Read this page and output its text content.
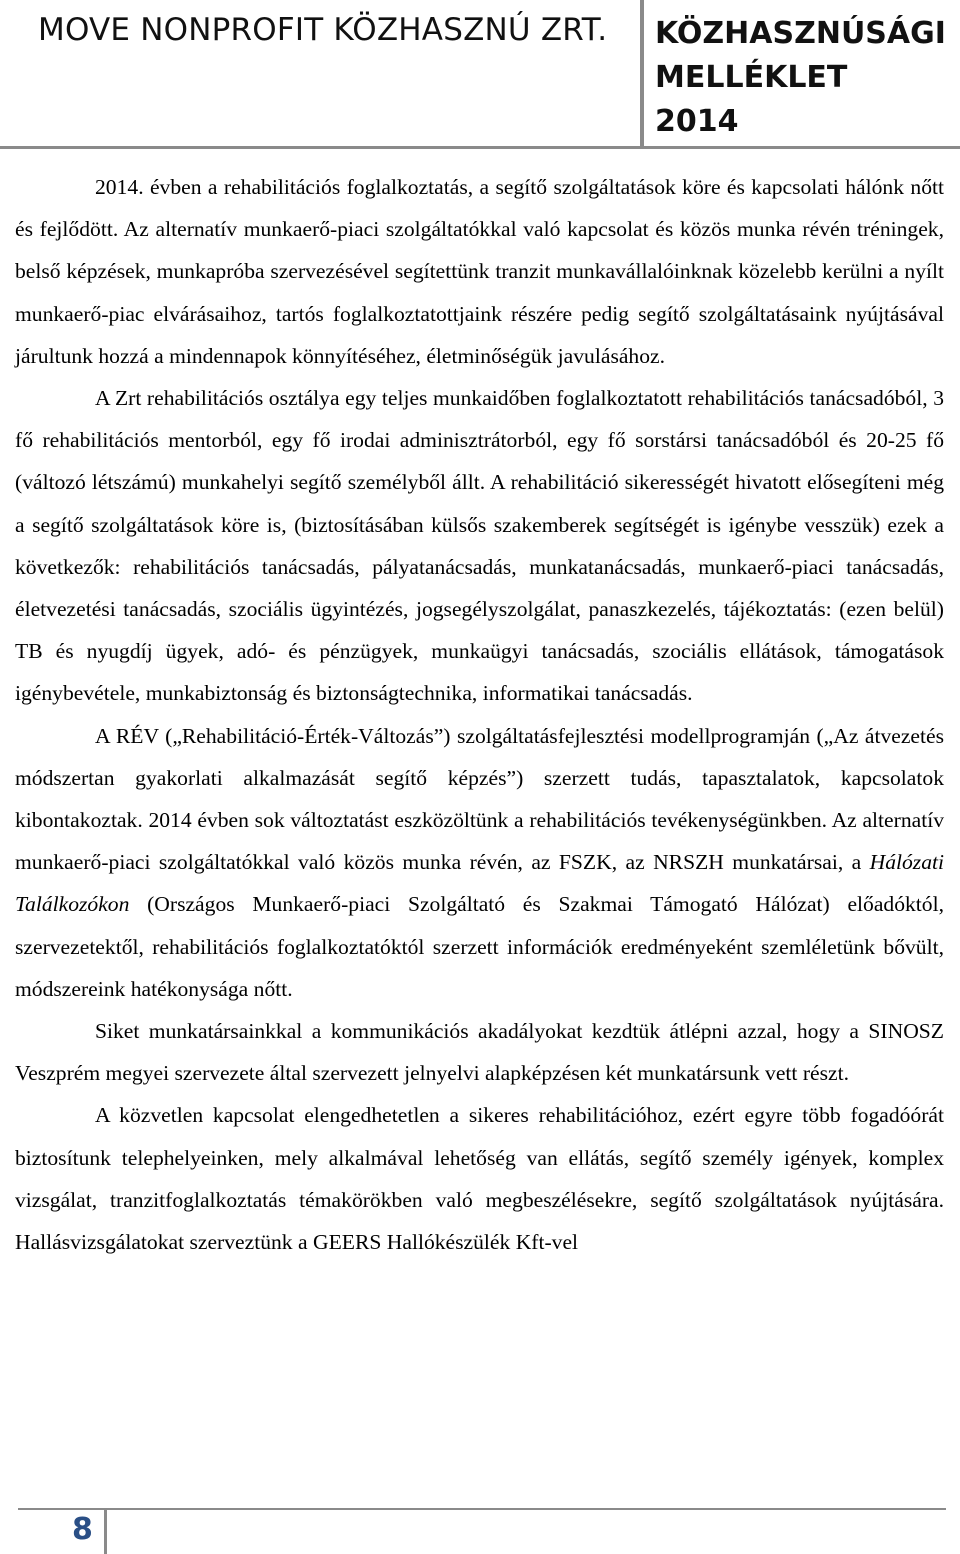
MOVE NONPROFIT KÖZHASZNÚ ZRT. KÖZHASZNÚSÁGI
MELLÉKLET
2014

2014. évben a rehabilitációs foglalkoztatás, a segítő szolgáltatások köre és kapcsolati hálónk nőtt és fejlődött. Az alternatív munkaerő-piaci szolgáltatókkal való kapcsolat és közös munka révén tréningek, belső képzések, munkapróba szervezésével segítettünk tranzit munkavállalóinknak közelebb kerülni a nyílt munkaerő-piac elvárásaihoz, tartós foglalkoztatottjaink részére pedig segítő szolgáltatásaink nyújtásával járultunk hozzá a mindennapok könnyítéséhez, életminőségük javulásához.

A Zrt rehabilitációs osztálya egy teljes munkaidőben foglalkoztatott rehabilitációs tanácsadóból, 3 fő rehabilitációs mentorból, egy fő irodai adminisztrátorból, egy fő sorstársi tanácsadóból és 20-25 fő (változó létszámú) munkahelyi segítő személyből állt. A rehabilitáció sikerességét hivatott elősegíteni még a segítő szolgáltatások köre is, (biztosításában külsős szakemberek segítségét is igénybe vesszük) ezek a következők: rehabilitációs tanácsadás, pályatanácsadás, munkatanácsadás, munkaerő-piaci tanácsadás, életvezetési tanácsadás, szociális ügyintézés, jogsegélyszolgálat, panaszkezelés, tájékoztatás: (ezen belül) TB és nyugdíj ügyek, adó- és pénzügyek, munkaügyi tanácsadás, szociális ellátások, támogatások igénybevétele, munkabiztonság és biztonságtechnika, informatikai tanácsadás.

A RÉV („Rehabilitáció-Érték-Változás”) szolgáltatásfejlesztési modellprogramján („Az átvezetés módszertan gyakorlati alkalmazását segítő képzés”) szerzett tudás, tapasztalatok, kapcsolatok kibontakoztak. 2014 évben sok változtatást eszközöltünk a rehabilitációs tevékenységünkben. Az alternatív munkaerő-piaci szolgáltatókkal való közös munka révén, az FSZK, az NRSZH munkatársai, a Hálózati Találkozókon (Országos Munkaerő-piaci Szolgáltató és Szakmai Támogató Hálózat) előadóktól, szervezetektől, rehabilitációs foglalkoztatóktól szerzett információk eredményeként szemléletünk bővült, módszereink hatékonysága nőtt.

Siket munkatársainkkal a kommunikációs akadályokat kezdtük átlépni azzal, hogy a SINOSZ Veszprém megyei szervezete által szervezett jelnyelvi alapképzésen két munkatársunk vett részt.

A közvetlen kapcsolat elengedhetetlen a sikeres rehabilitációhoz, ezért egyre több fogadóórát biztosítunk telephelyeinken, mely alkalmával lehetőség van ellátás, segítő személy igények, komplex vizsgálat, tranzitfoglalkoztatás témakörökben való megbeszélésekre, segítő szolgáltatások nyújtására. Hallásvizsgálatokat szerveztünk a GEERS Hallókészülék Kft-vel

8
